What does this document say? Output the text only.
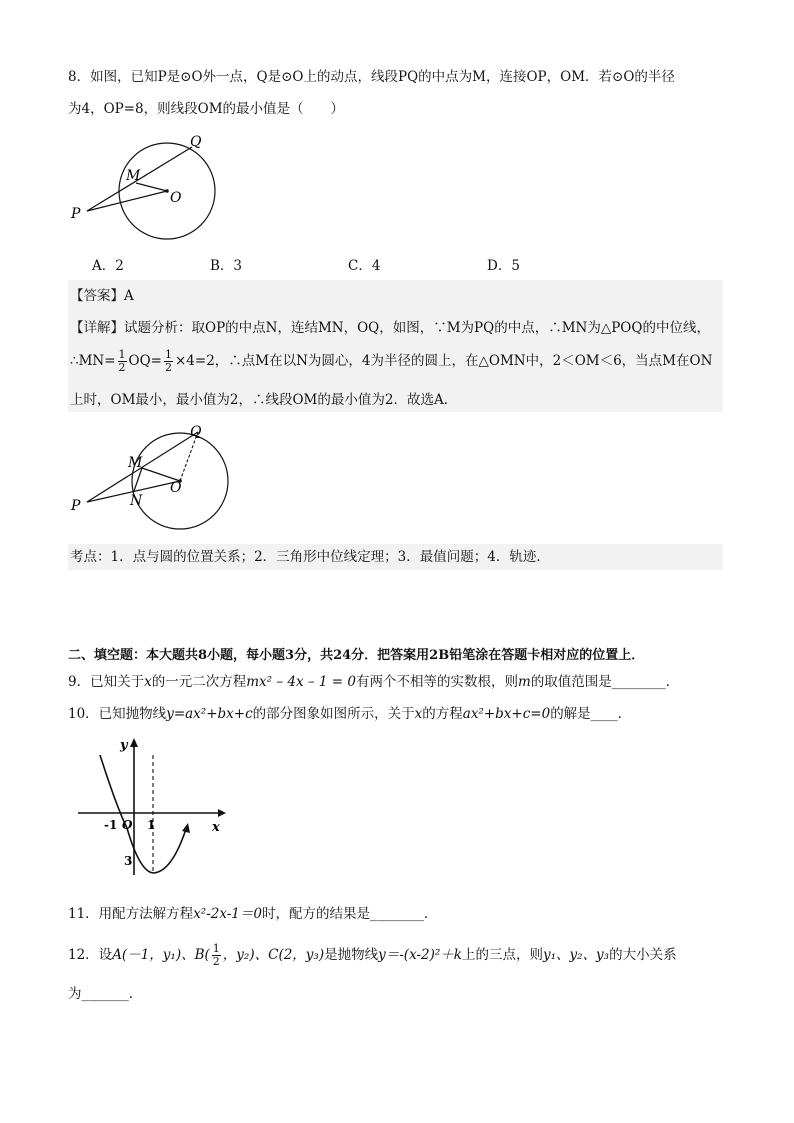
8．如图，已知P是⊙O外一点，Q是⊙O上的动点，线段PQ的中点为M，连接OP，OM．若⊙O的半径
为4，OP=8，则线段OM的最小值是（　　）
Q
M
O
P
A．2	B．3	C．4	D．5
【答案】A
【详解】试题分析：取OP的中点N，连结MN，OQ，如图，∵M为PQ的中点，∴MN为△POQ的中位线，
∴MN= $\frac{1}{2} OQ= \frac{1}{2} \times 4=2$，∴点M在以N为圆心，4为半径的圆上，在△OMN中，2＜OM＜6，当点M在ON
上时，OM最小，最小值为2，∴线段OM的最小值为2．故选A．
Q
M
N
O
P
考点：1．点与圆的位置关系；2．三角形中位线定理；3．最值问题；4．轨迹．
二、填空题：本大题共8小题，每小题3分，共24分．把答案用2B铅笔涂在答题卡相对应的位置上．
9．已知关于x的一元二次方程mx² – 4x – 1 = 0有两个不相等的实数根，则m的取值范围是________．
10．已知抛物线y=ax²+bx+c的部分图象如图所示，关于x的方程ax²+bx+c=0的解是____．
y
x
-1 O 1
3
11．用配方法解方程x²-2x-1＝0时，配方的结果是________．
12．设A(－1，y₁)、$B( \frac{1}{2}$ ，y₂)、C(2，y₃)是抛物线y＝-(x-2)²＋k上的三点，则y₁、y₂、y₃的大小关系
为_______．
